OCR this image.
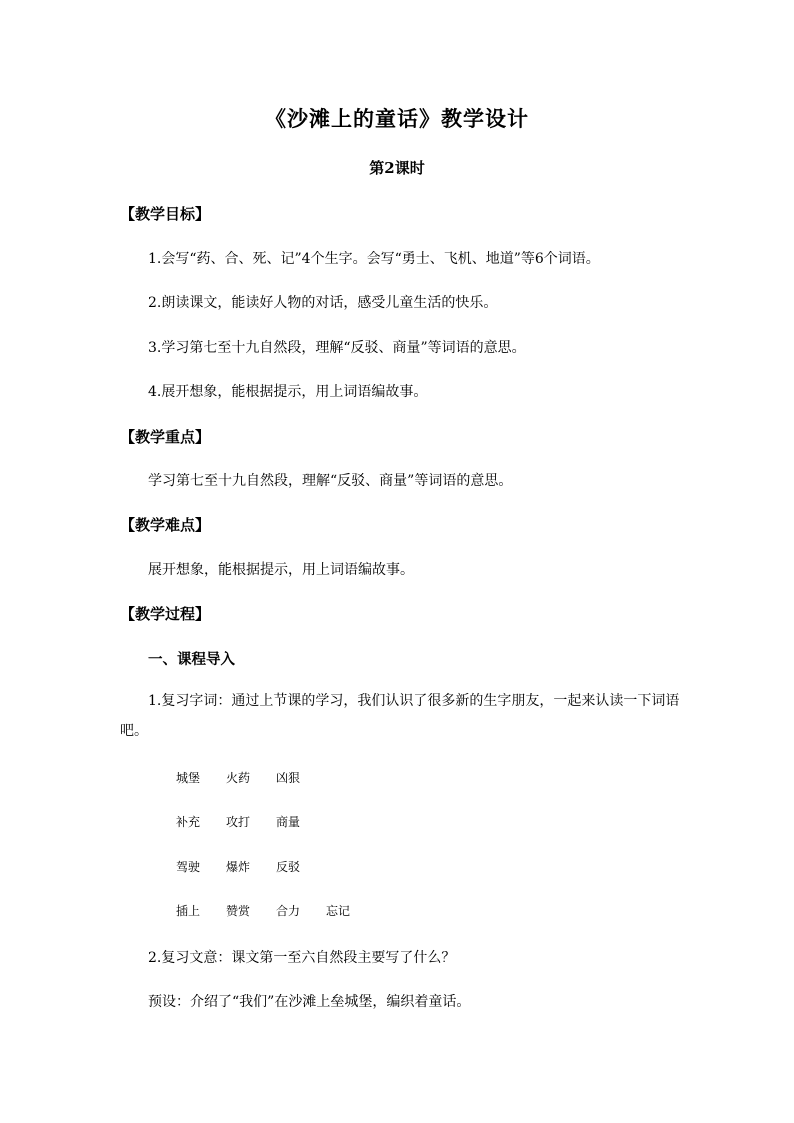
《沙滩上的童话》教学设计
第2课时
【教学目标】
1.会写“药、合、死、记”4个生字。会写“勇士、飞机、地道”等6个词语。
2.朗读课文，能读好人物的对话，感受儿童生活的快乐。
3.学习第七至十九自然段，理解“反驳、商量”等词语的意思。
4.展开想象，能根据提示，用上词语编故事。
【教学重点】
学习第七至十九自然段，理解“反驳、商量”等词语的意思。
【教学难点】
展开想象，能根据提示，用上词语编故事。
【教学过程】
一、课程导入
1.复习字词：通过上节课的学习，我们认识了很多新的生字朋友，一起来认读一下词语吧。
城堡 火药 凶狠
补充 攻打 商量
驾驶 爆炸 反驳
插上 赞赏 合力 忘记
2.复习文意：课文第一至六自然段主要写了什么？
预设：介绍了“我们”在沙滩上垒城堡，编织着童话。
